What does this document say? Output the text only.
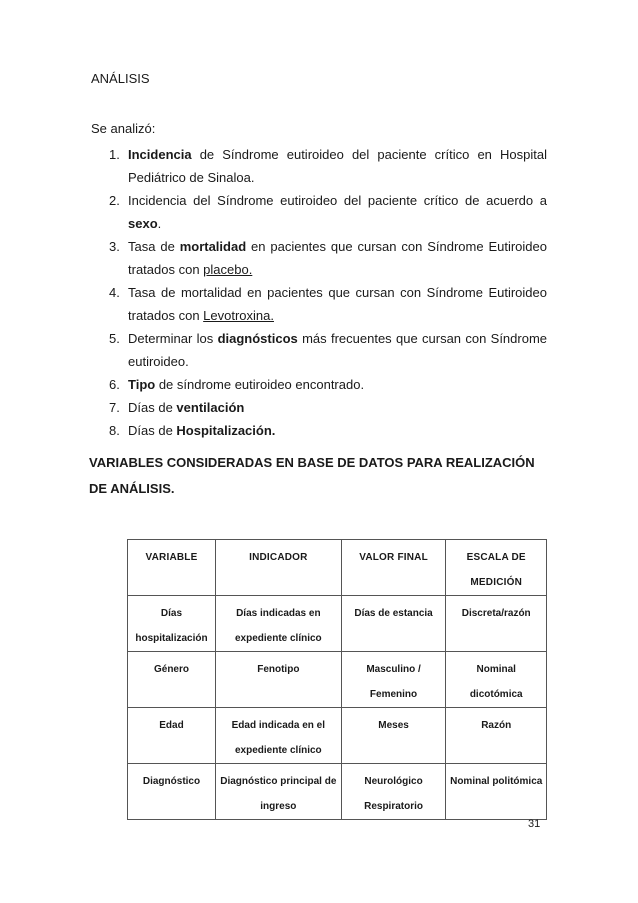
ANÁLISIS
Se analizó:
1. Incidencia de Síndrome eutiroideo del paciente crítico en Hospital Pediátrico de Sinaloa.
2. Incidencia del Síndrome eutiroideo del paciente crítico de acuerdo a sexo.
3. Tasa de mortalidad en pacientes que cursan con Síndrome Eutiroideo tratados con placebo.
4. Tasa de mortalidad en pacientes que cursan con Síndrome Eutiroideo tratados con Levotroxina.
5. Determinar los diagnósticos más frecuentes que cursan con Síndrome eutiroideo.
6. Tipo de síndrome eutiroideo encontrado.
7. Días de ventilación
8. Días de Hospitalización.
VARIABLES CONSIDERADAS EN BASE DE DATOS PARA REALIZACIÓN DE ANÁLISIS.
VARIABLE	INDICADOR	VALOR FINAL	ESCALA DE MEDICIÓN
Días hospitalización	Días indicadas en expediente clínico	Días de estancia	Discreta/razón
Género	Fenotipo	Masculino / Femenino	Nominal dicotómica
Edad	Edad indicada en el expediente clínico	Meses	Razón
Diagnóstico	Diagnóstico principal de ingreso	Neurológico Respiratorio	Nominal politómica
31
